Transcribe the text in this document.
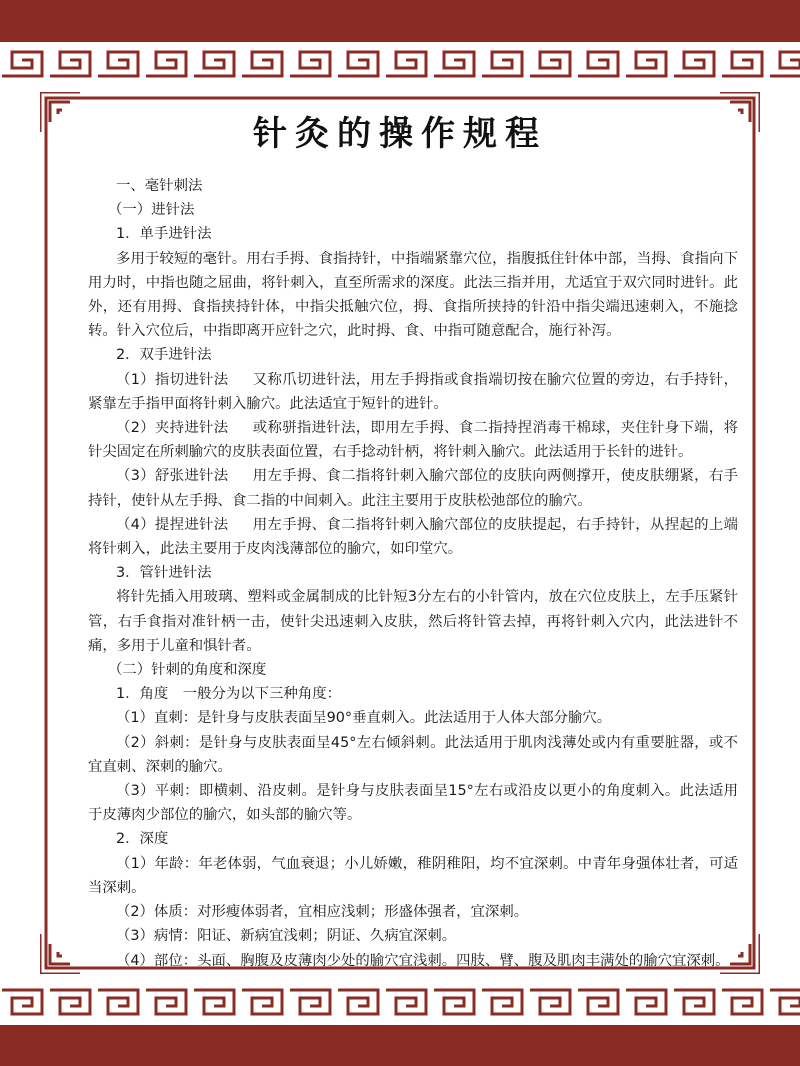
针灸的操作规程

一、毫针刺法

（一）进针法

1．单手进针法

多用于较短的毫针。用右手拇、食指持针，中指端紧靠穴位，指腹抵住针体中部，当拇、食指向下用力时，中指也随之屈曲，将针刺入，直至所需求的深度。此法三指并用，尤适宜于双穴同时进针。此外，还有用拇、食指挟持针体，中指尖抵触穴位，拇、食指所挟持的针沿中指尖端迅速刺入，不施捻转。针入穴位后，中指即离开应针之穴，此时拇、食、中指可随意配合，施行补泻。

2．双手进针法

（1）指切进针法 又称爪切进针法，用左手拇指或食指端切按在腧穴位置的旁边，右手持针，紧靠左手指甲面将针刺入腧穴。此法适宜于短针的进针。

（2）夹持进针法 或称骈指进针法，即用左手拇、食二指持捏消毒干棉球，夹住针身下端，将针尖固定在所刺腧穴的皮肤表面位置，右手捻动针柄，将针刺入腧穴。此法适用于长针的进针。

（3）舒张进针法 用左手拇、食二指将针刺入腧穴部位的皮肤向两侧撑开，使皮肤绷紧，右手持针，使针从左手拇、食二指的中间刺入。此注主要用于皮肤松弛部位的腧穴。

（4）提捏进针法 用左手拇、食二指将针刺入腧穴部位的皮肤提起，右手持针，从捏起的上端将针刺入，此法主要用于皮肉浅薄部位的腧穴，如印堂穴。

3．管针进针法

将针先插入用玻璃、塑料或金属制成的比针短3分左右的小针管内，放在穴位皮肤上，左手压紧针管，右手食指对准针柄一击，使针尖迅速刺入皮肤，然后将针管去掉，再将针刺入穴内，此法进针不痛，多用于儿童和惧针者。

（二）针刺的角度和深度

1．角度　一般分为以下三种角度：

（1）直刺：是针身与皮肤表面呈90°垂直刺入。此法适用于人体大部分腧穴。

（2）斜刺：是针身与皮肤表面呈45°左右倾斜刺。此法适用于肌肉浅薄处或内有重要脏器，或不宜直刺、深刺的腧穴。

（3）平刺：即横刺、沿皮刺。是针身与皮肤表面呈15°左右或沿皮以更小的角度刺入。此法适用于皮薄肉少部位的腧穴，如头部的腧穴等。

2．深度

（1）年龄：年老体弱，气血衰退；小儿娇嫩，稚阴稚阳，均不宜深刺。中青年身强体壮者，可适当深刺。

（2）体质：对形瘦体弱者，宜相应浅刺；形盛体强者，宜深刺。

（3）病情：阳证、新病宜浅刺；阴证、久病宜深刺。

（4）部位：头面、胸腹及皮薄肉少处的腧穴宜浅刺。四肢、臂、腹及肌肉丰满处的腧穴宜深刺。
